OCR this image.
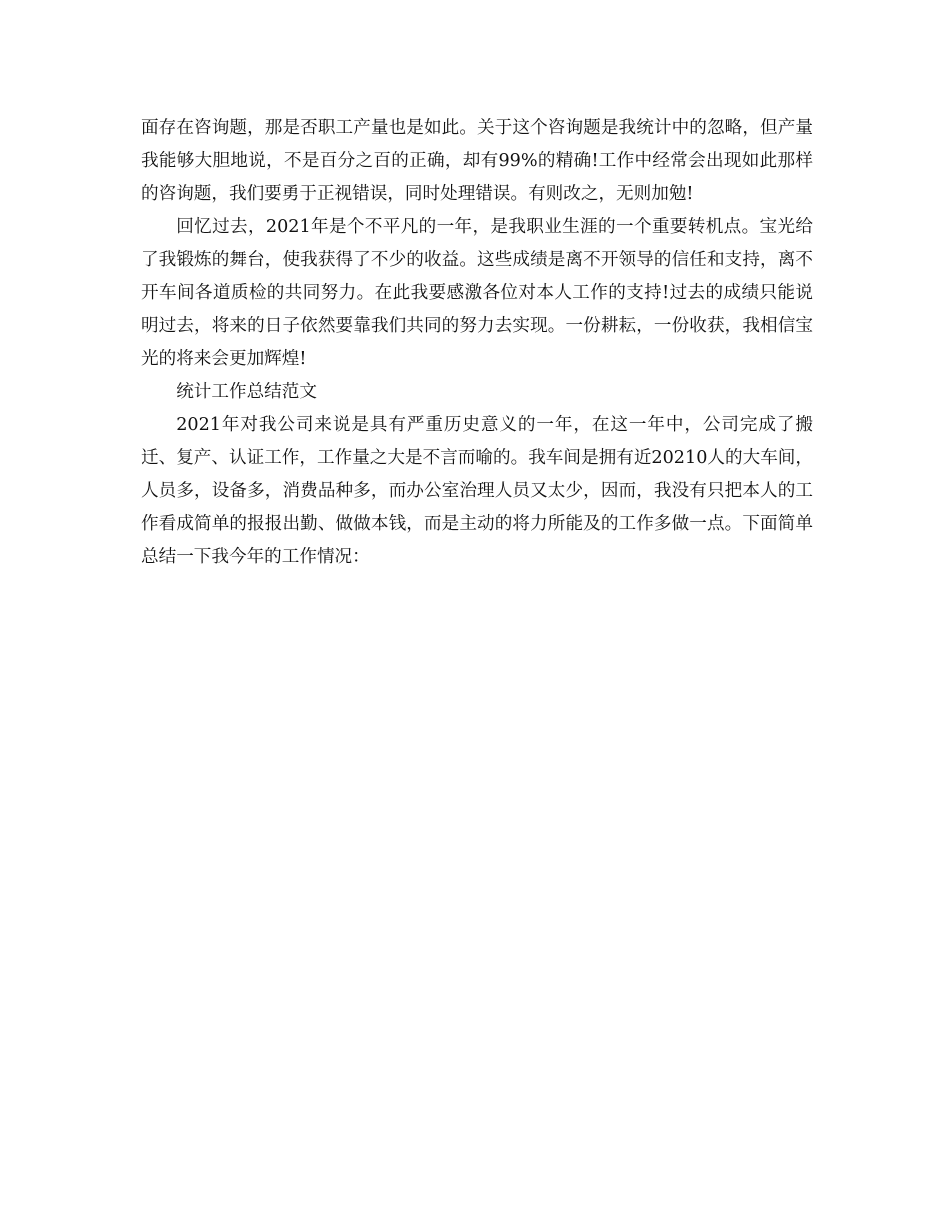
面存在咨询题，那是否职工产量也是如此。关于这个咨询题是我统计中的忽略，但产量我能够大胆地说，不是百分之百的正确，却有99%的精确!工作中经常会出现如此那样的咨询题，我们要勇于正视错误，同时处理错误。有则改之，无则加勉!

回忆过去，2021年是个不平凡的一年，是我职业生涯的一个重要转机点。宝光给了我锻炼的舞台，使我获得了不少的收益。这些成绩是离不开领导的信任和支持，离不开车间各道质检的共同努力。在此我要感激各位对本人工作的支持!过去的成绩只能说明过去，将来的日子依然要靠我们共同的努力去实现。一份耕耘，一份收获，我相信宝光的将来会更加辉煌!

统计工作总结范文

2021年对我公司来说是具有严重历史意义的一年，在这一年中，公司完成了搬迁、复产、认证工作，工作量之大是不言而喻的。我车间是拥有近20210人的大车间，人员多，设备多，消费品种多，而办公室治理人员又太少，因而，我没有只把本人的工作看成简单的报报出勤、做做本钱，而是主动的将力所能及的工作多做一点。下面简单总结一下我今年的工作情况：
